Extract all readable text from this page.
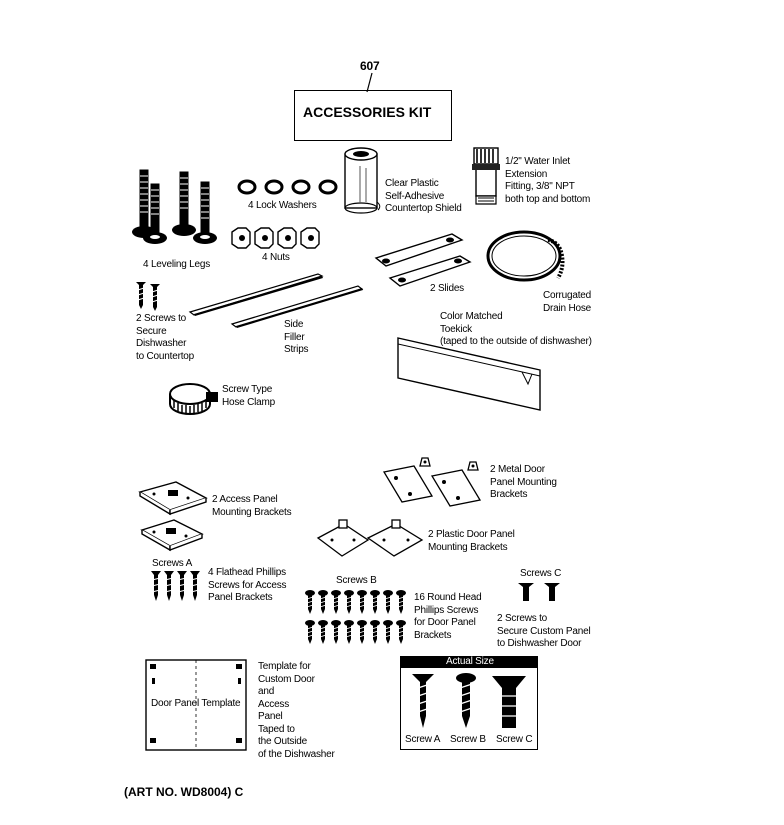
607
ACCESSORIES KIT
4 Lock Washers
Clear Plastic
Self-Adhesive
Countertop Shield
1/2" Water Inlet
Extension
Fitting, 3/8" NPT
both top and bottom
4 Leveling Legs
4 Nuts
2 Slides
Corrugated
Drain Hose
2 Screws to
Secure
Dishwasher
to Countertop
Side
Filler
Strips
Color Matched
Toekick
(taped to the outside of dishwasher)
Screw Type
Hose Clamp
2 Metal Door
Panel Mounting
Brackets
2 Access Panel
Mounting Brackets
2 Plastic Door Panel
Mounting Brackets
Screws A
4 Flathead Phillips
Screws for Access
Panel Brackets
Screws B
16 Round Head
Phillips Screws
for Door Panel
Brackets
Screws C
2 Screws to
Secure Custom Panel
to Dishwasher Door
Door Panel Template
Template for
Custom Door
and
Access
Panel
Taped to
the Outside
of the Dishwasher
Actual Size
Screw A Screw B Screw C
(ART NO. WD8004) C
